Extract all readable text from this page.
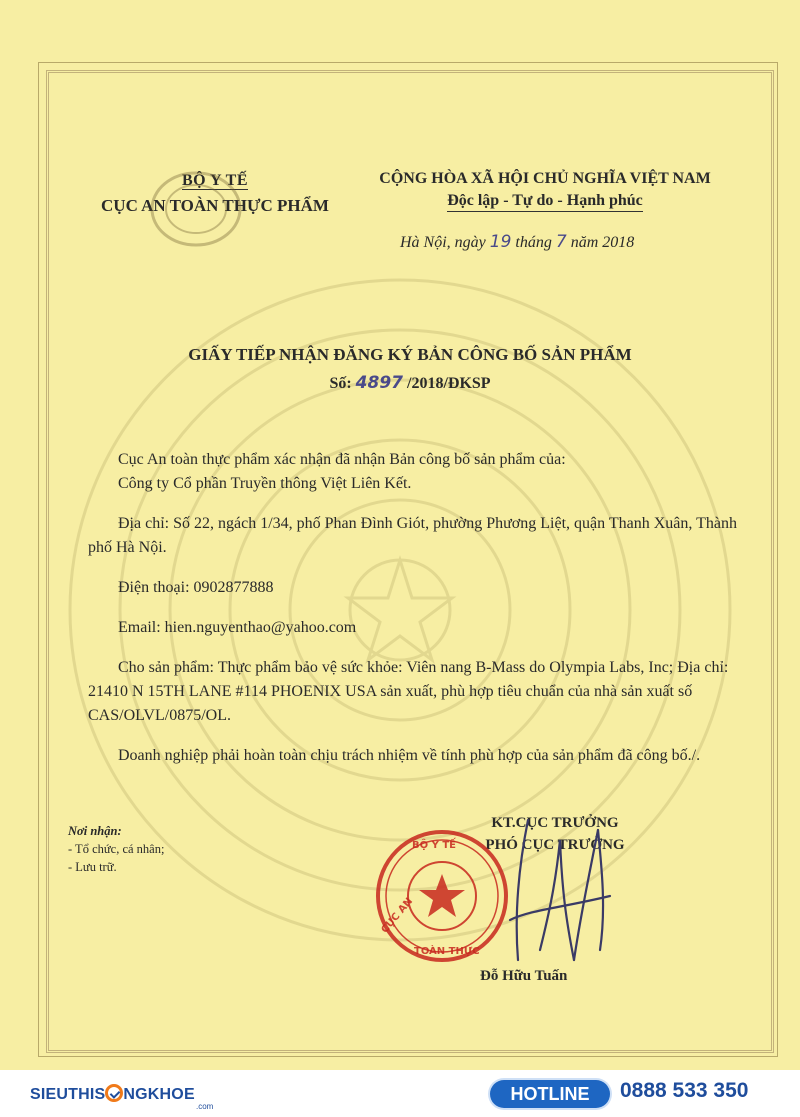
BỘ Y TẾ
CỤC AN TOÀN THỰC PHẨM
CỘNG HÒA XÃ HỘI CHỦ NGHĨA VIỆT NAM
Độc lập - Tự do - Hạnh phúc
Hà Nội, ngày 19 tháng 7 năm 2018
GIẤY TIẾP NHẬN ĐĂNG KÝ BẢN CÔNG BỐ SẢN PHẨM
Số: 4897 /2018/ĐKSP

Cục An toàn thực phẩm xác nhận đã nhận Bản công bố sản phẩm của:

Công ty Cổ phần Truyền thông Việt Liên Kết.

Địa chỉ: Số 22, ngách 1/34, phố Phan Đình Giót, phường Phương Liệt, quận Thanh Xuân, Thành phố Hà Nội.

Điện thoại: 0902877888

Email: hien.nguyenthao@yahoo.com

Cho sản phẩm: Thực phẩm bảo vệ sức khỏe: Viên nang B-Mass do Olympia Labs, Inc; Địa chỉ: 21410 N 15TH LANE #114 PHOENIX USA sản xuất, phù hợp tiêu chuẩn của nhà sản xuất số CAS/OLVL/0875/OL.

Doanh nghiệp phải hoàn toàn chịu trách nhiệm về tính phù hợp của sản phẩm đã công bố./.

Nơi nhận:
- Tổ chức, cá nhân;
- Lưu trữ.
KT.CỤC TRƯỞNG
PHÓ CỤC TRƯỞNG
BỘ Y TẾ
CỤC AN
TOÀN THỰC
Đỗ Hữu Tuấn
SIEUTHIS NGKHOE
.com
HOTLINE	0888 533 350
